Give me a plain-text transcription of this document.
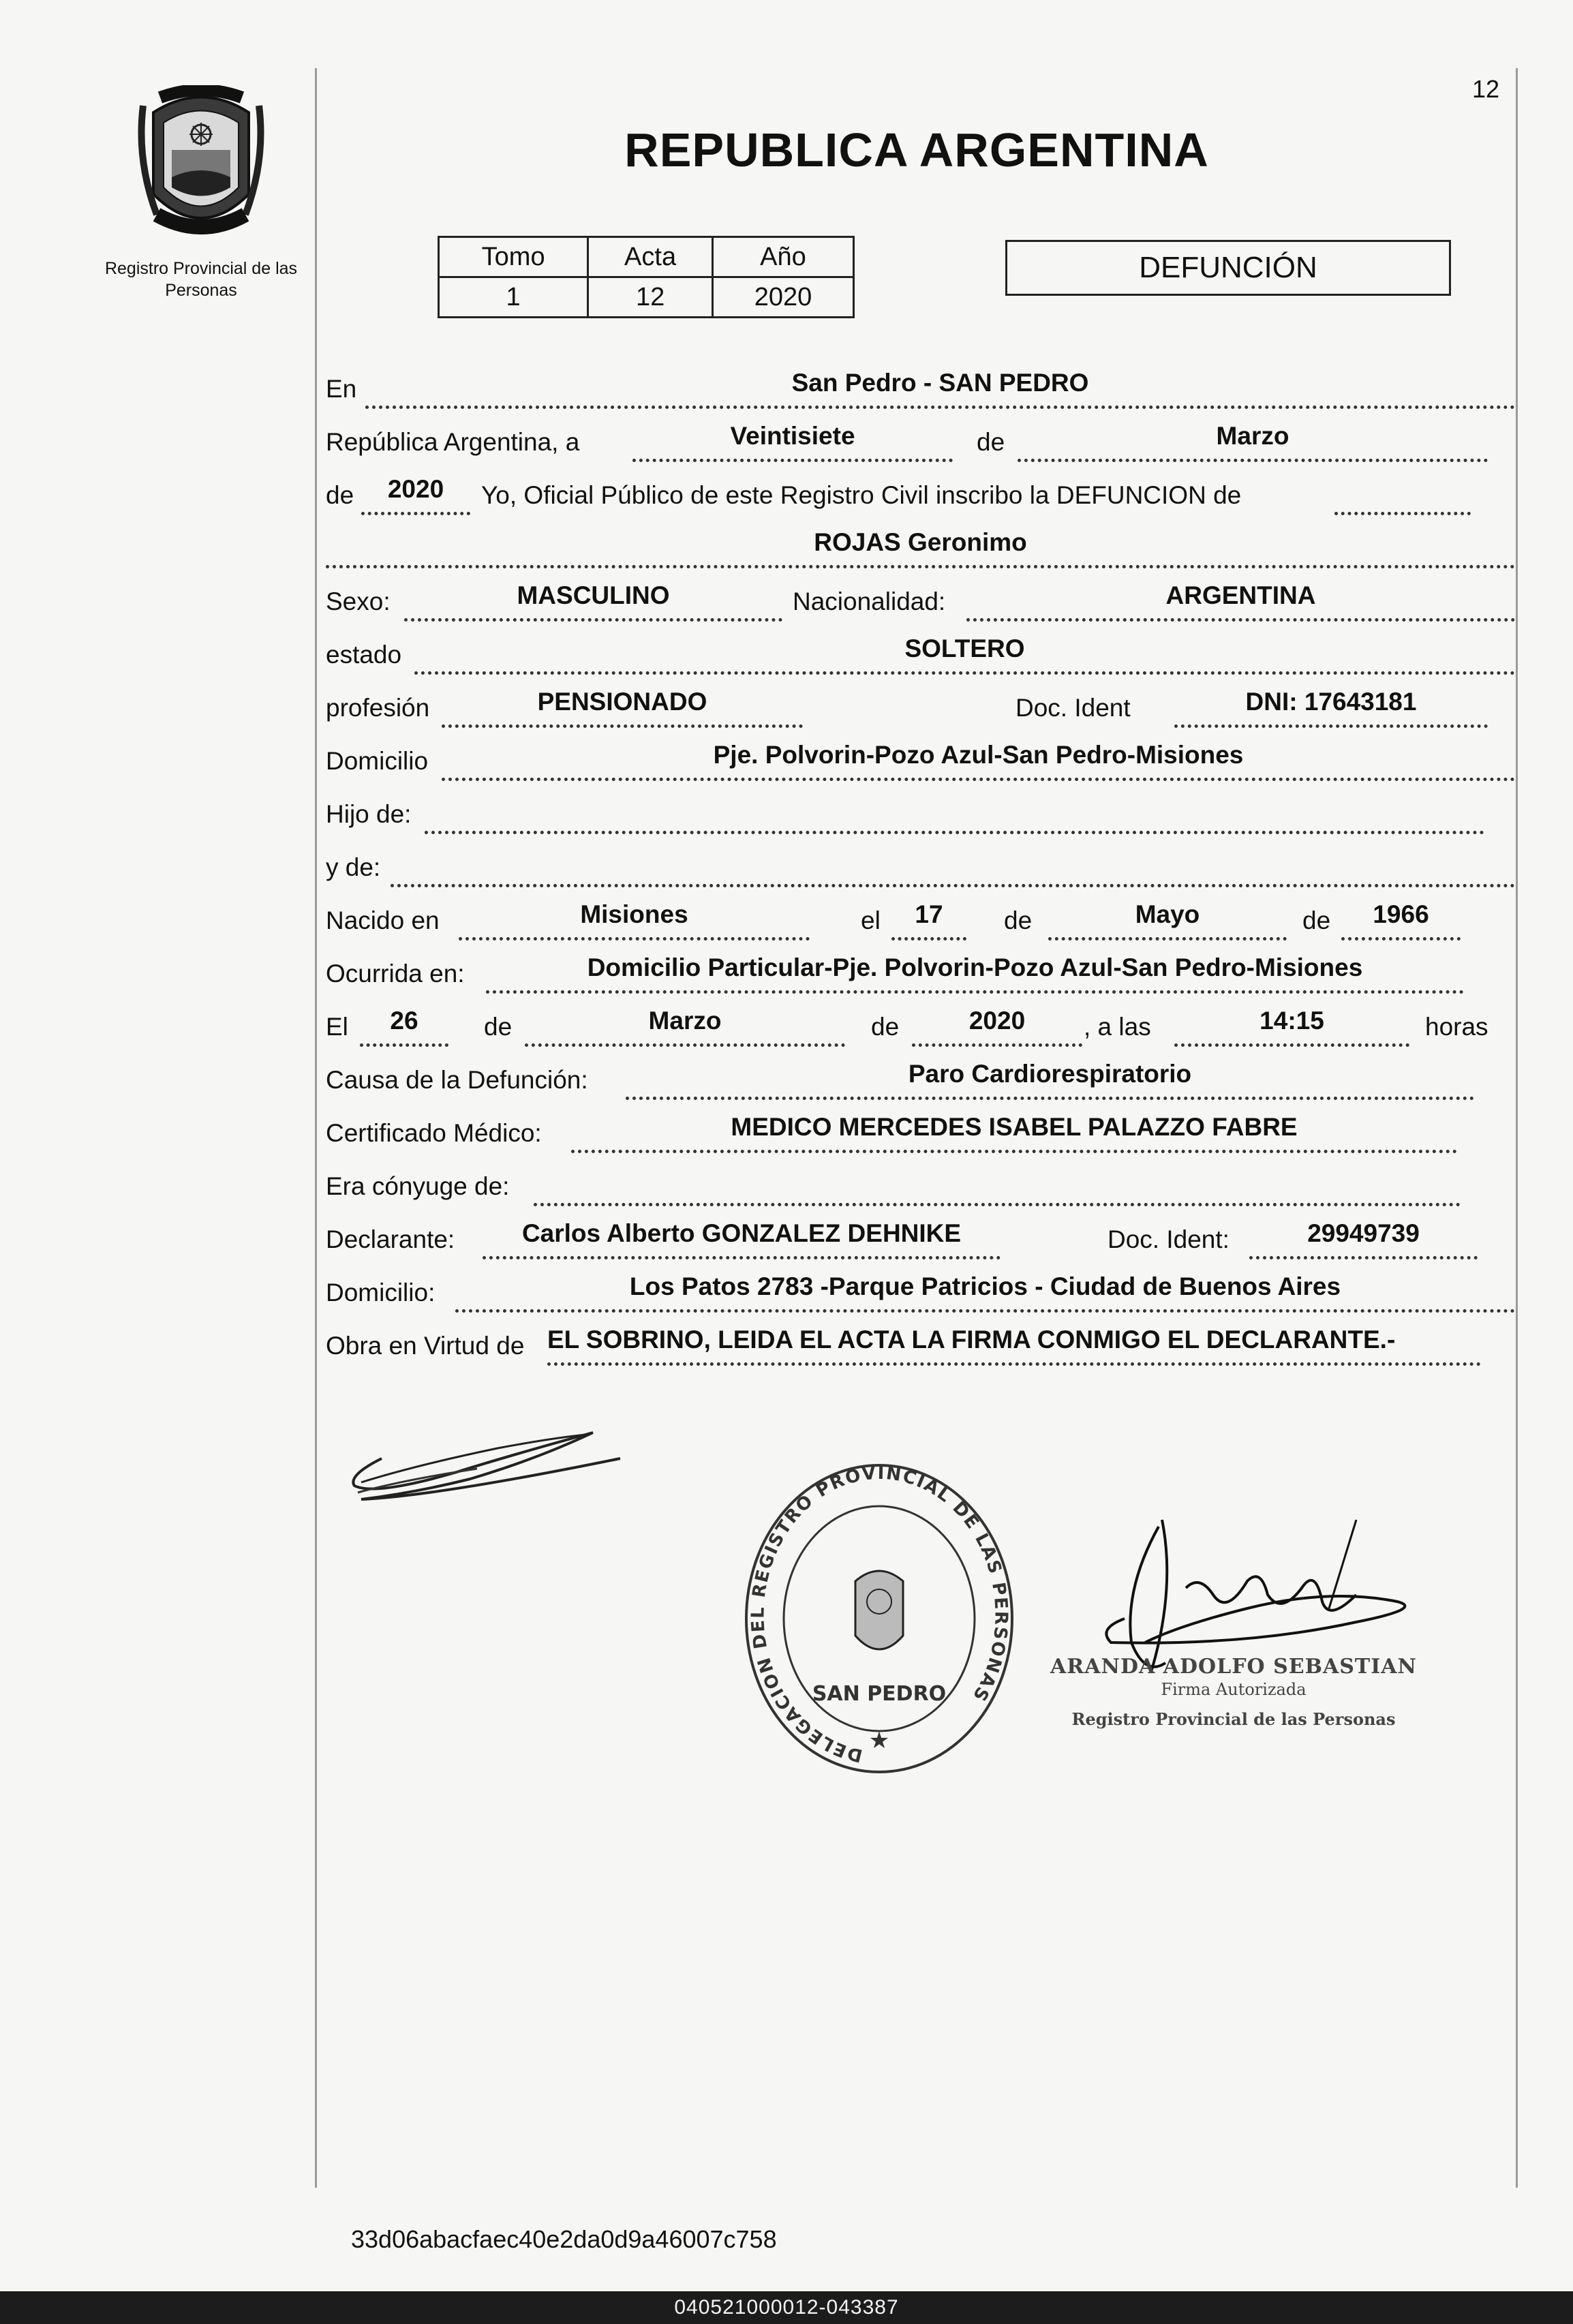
12
Registro Provincial de las Personas
REPUBLICA ARGENTINA
Tomo	Acta	Año
1	12	2020
DEFUNCIÓN
En	San Pedro - SAN PEDRO
República Argentina, a	Veintisiete	de	Marzo
de	2020	Yo, Oficial Público de este Registro Civil inscribo la DEFUNCION de
ROJAS Geronimo
Sexo:	MASCULINO	Nacionalidad:	ARGENTINA
estado	SOLTERO
profesión	PENSIONADO	Doc. Ident	DNI: 17643181
Domicilio	Pje. Polvorin-Pozo Azul-San Pedro-Misiones
Hijo de:
y de:
Nacido en	Misiones	el	17	de	Mayo	de	1966
Ocurrida en:	Domicilio Particular-Pje. Polvorin-Pozo Azul-San Pedro-Misiones
El	26	de	Marzo	de	2020	, a las	14:15	horas
Causa de la Defunción:	Paro Cardiorespiratorio
Certificado Médico:	MEDICO MERCEDES ISABEL PALAZZO FABRE
Era cónyuge de:
Declarante:	Carlos Alberto GONZALEZ DEHNIKE	Doc. Ident:	29949739
Domicilio:	Los Patos 2783 -Parque Patricios - Ciudad de Buenos Aires
Obra en Virtud de EL SOBRINO, LEIDA EL ACTA LA FIRMA CONMIGO EL DECLARANTE.-
DELEGACION DEL REGISTRO PROVINCIAL DE LAS PERSONAS
SAN PEDRO
★
ARANDA ADOLFO SEBASTIAN
Firma Autorizada
Registro Provincial de las Personas
33d06abacfaec40e2da0d9a46007c758
040521000012-043387
